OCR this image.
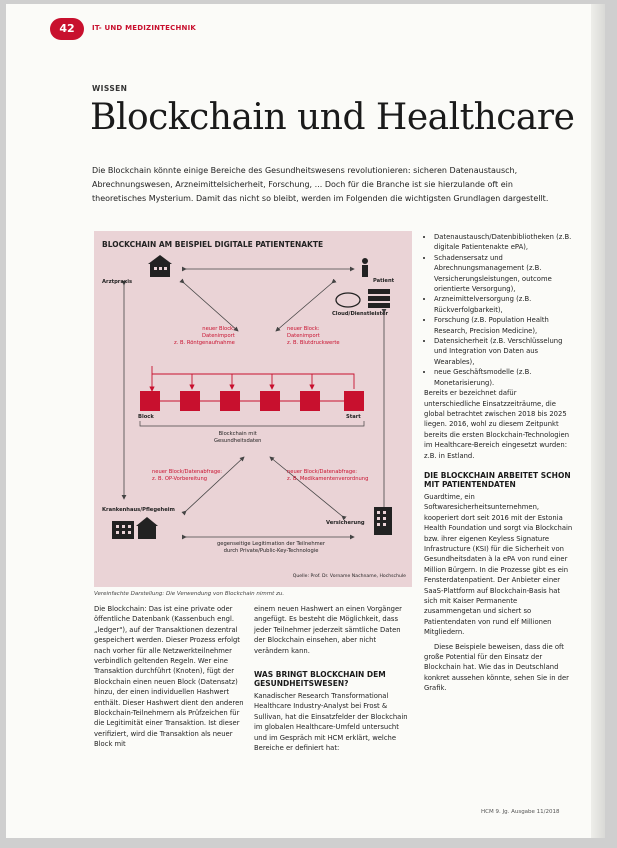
42	IT- UND MEDIZINTECHNIK
WISSEN
Blockchain und Healthcare
Die Blockchain könnte einige Bereiche des Gesundheitswesens revolutionieren: sicheren Datenaustausch, Abrechnungswesen, Arzneimittelsicherheit, Forschung, ... Doch für die Branche ist sie hierzulande oft ein theoretisches Mysterium. Damit das nicht so bleibt, werden im Folgenden die wichtigsten Grundlagen dargestellt.
BLOCKCHAIN AM BEISPIEL DIGITALE PATIENTENAKTE
Arztpraxis	Patient
Cloud/Dienstleister
neuer Block:
Datenimport
z. B. Röntgenaufnahme
neuer Block:
Datenimport
z. B. Blutdruckwerte
Block	Start
Blockchain mit
Gesundheitsdaten
neuer Block/Datenabfrage:
z. B. OP-Vorbereitung
neuer Block/Datenabfrage:
z. B. Medikamentenverordnung
Krankenhaus/Pflegeheim
Versicherung
gegenseitige Legitimation der Teilnehmer
durch Private/Public-Key-Technologie
Quelle: Prof. Dr. Vorname Nachname, Hochschule
Vereinfachte Darstellung: Die Verwendung von Blockchain nimmt zu.

Die Blockchain: Das ist eine private oder öffentliche Datenbank (Kassenbuch engl. „ledger"), auf der Transaktionen dezentral gespeichert werden. Dieser Prozess erfolgt nach vorher für alle Netzwerkteilnehmer verbindlich geltenden Regeln. Wer eine Transaktion durchführt (Knoten), fügt der Blockchain einen neuen Block (Datensatz) hinzu, der einen individuellen Hashwert enthält. Dieser Hashwert dient den anderen Blockchain-Teilnehmern als Prüfzeichen für die Legitimität einer Transaktion. Ist dieser verifiziert, wird die Transaktion als neuer Block mit

einem neuen Hashwert an einen Vorgänger angefügt. Es besteht die Möglichkeit, dass jeder Teilnehmer jederzeit sämtliche Daten der Blockchain einsehen, aber nicht verändern kann.

WAS BRINGT BLOCKCHAIN DEM GESUNDHEITSWESEN?

Kanadischer Research Transformational Healthcare Industry-Analyst bei Frost & Sullivan, hat die Einsatzfelder der Blockchain im globalen Healthcare-Umfeld untersucht und im Gespräch mit HCM erklärt, welche Bereiche er definiert hat:

• Datenaustausch/Datenbibliotheken (z.B. digitale Patientenakte ePA),
• Schadensersatz und Abrechnungsmanagement (z.B. Versicherungsleistungen, outcome orientierte Versorgung),
• Arzneimittelversorgung (z.B. Rückverfolgbarkeit),
• Forschung (z.B. Population Health Research, Precision Medicine),
• Datensicherheit (z.B. Verschlüsselung und Integration von Daten aus Wearables),
• neue Geschäftsmodelle (z.B. Monetarisierung).

Bereits er bezeichnet dafür unterschiedliche Einsatzzeiträume, die global betrachtet zwischen 2018 bis 2025 liegen. 2016, wohl zu diesem Zeitpunkt bereits die ersten Blockchain-Technologien im Healthcare-Bereich eingesetzt wurden: z.B. in Estland.

DIE BLOCKCHAIN ARBEITET SCHON MIT PATIENTENDATEN

Guardtime, ein Softwaresicherheitsunternehmen, kooperiert dort seit 2016 mit der Estonia Health Foundation und sorgt via Blockchain bzw. ihrer eigenen Keyless Signature Infrastructure (KSI) für die Sicherheit von Gesundheitsdaten à la ePA von rund einer Million Bürgern. In die Prozesse gibt es ein Fensterdatenpatient. Der Anbieter einer SaaS-Plattform auf Blockchain-Basis hat sich mit Kaiser Permanente zusammengetan und sichert so Patientendaten von rund elf Millionen Mitgliedern.

Diese Beispiele beweisen, dass die oft große Potential für den Einsatz der Blockchain hat. Wie das in Deutschland konkret aussehen könnte, sehen Sie in der Grafik.

HCM 9. Jg. Ausgabe 11/2018
